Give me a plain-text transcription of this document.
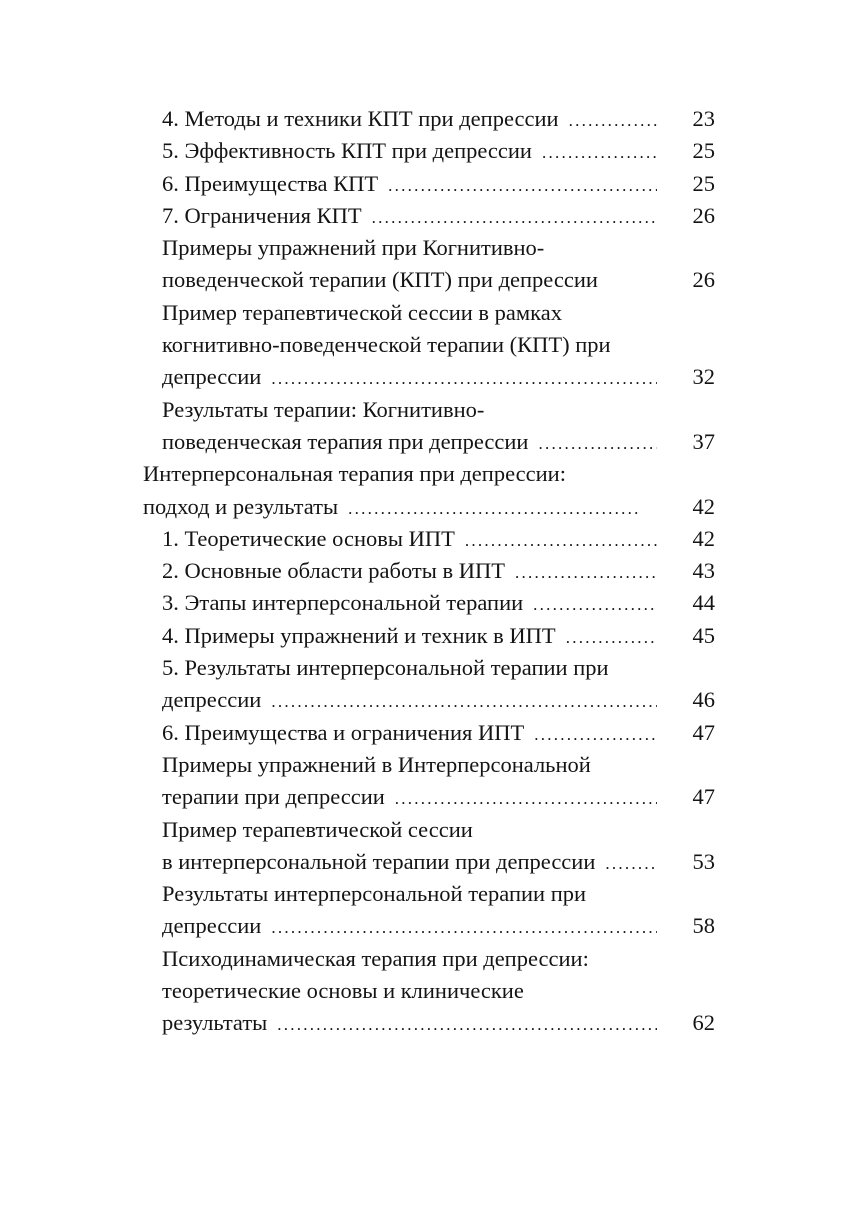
4. Методы и техники КПТ при депрессии . . .	23
5. Эффективность КПТ при депрессии . . .	25
6. Преимущества КПТ . . .	25
7. Ограничения КПТ . . .	26
Примеры упражнений при Когнитивно-
поведенческой терапии (КПТ) при депрессии	26
Пример терапевтической сессии в рамках
когнитивно-поведенческой терапии (КПТ) при
депрессии . . .	32
Результаты терапии: Когнитивно-
поведенческая терапия при депрессии . . .	37
Интерперсональная терапия при депрессии:
подход и результаты . . .	42
1. Теоретические основы ИПТ . . .	42
2. Основные области работы в ИПТ . . .	43
3. Этапы интерперсональной терапии . . .	44
4. Примеры упражнений и техник в ИПТ . . .	45
5. Результаты интерперсональной терапии при
депрессии . . .	46
6. Преимущества и ограничения ИПТ . . .	47
Примеры упражнений в Интерперсональной
терапии при депрессии . . .	47
Пример терапевтической сессии
в интерперсональной терапии при депрессии . . .	53
Результаты интерперсональной терапии при
депрессии . . .	58
Психодинамическая терапия при депрессии:
теоретические основы и клинические
результаты . . .	62
